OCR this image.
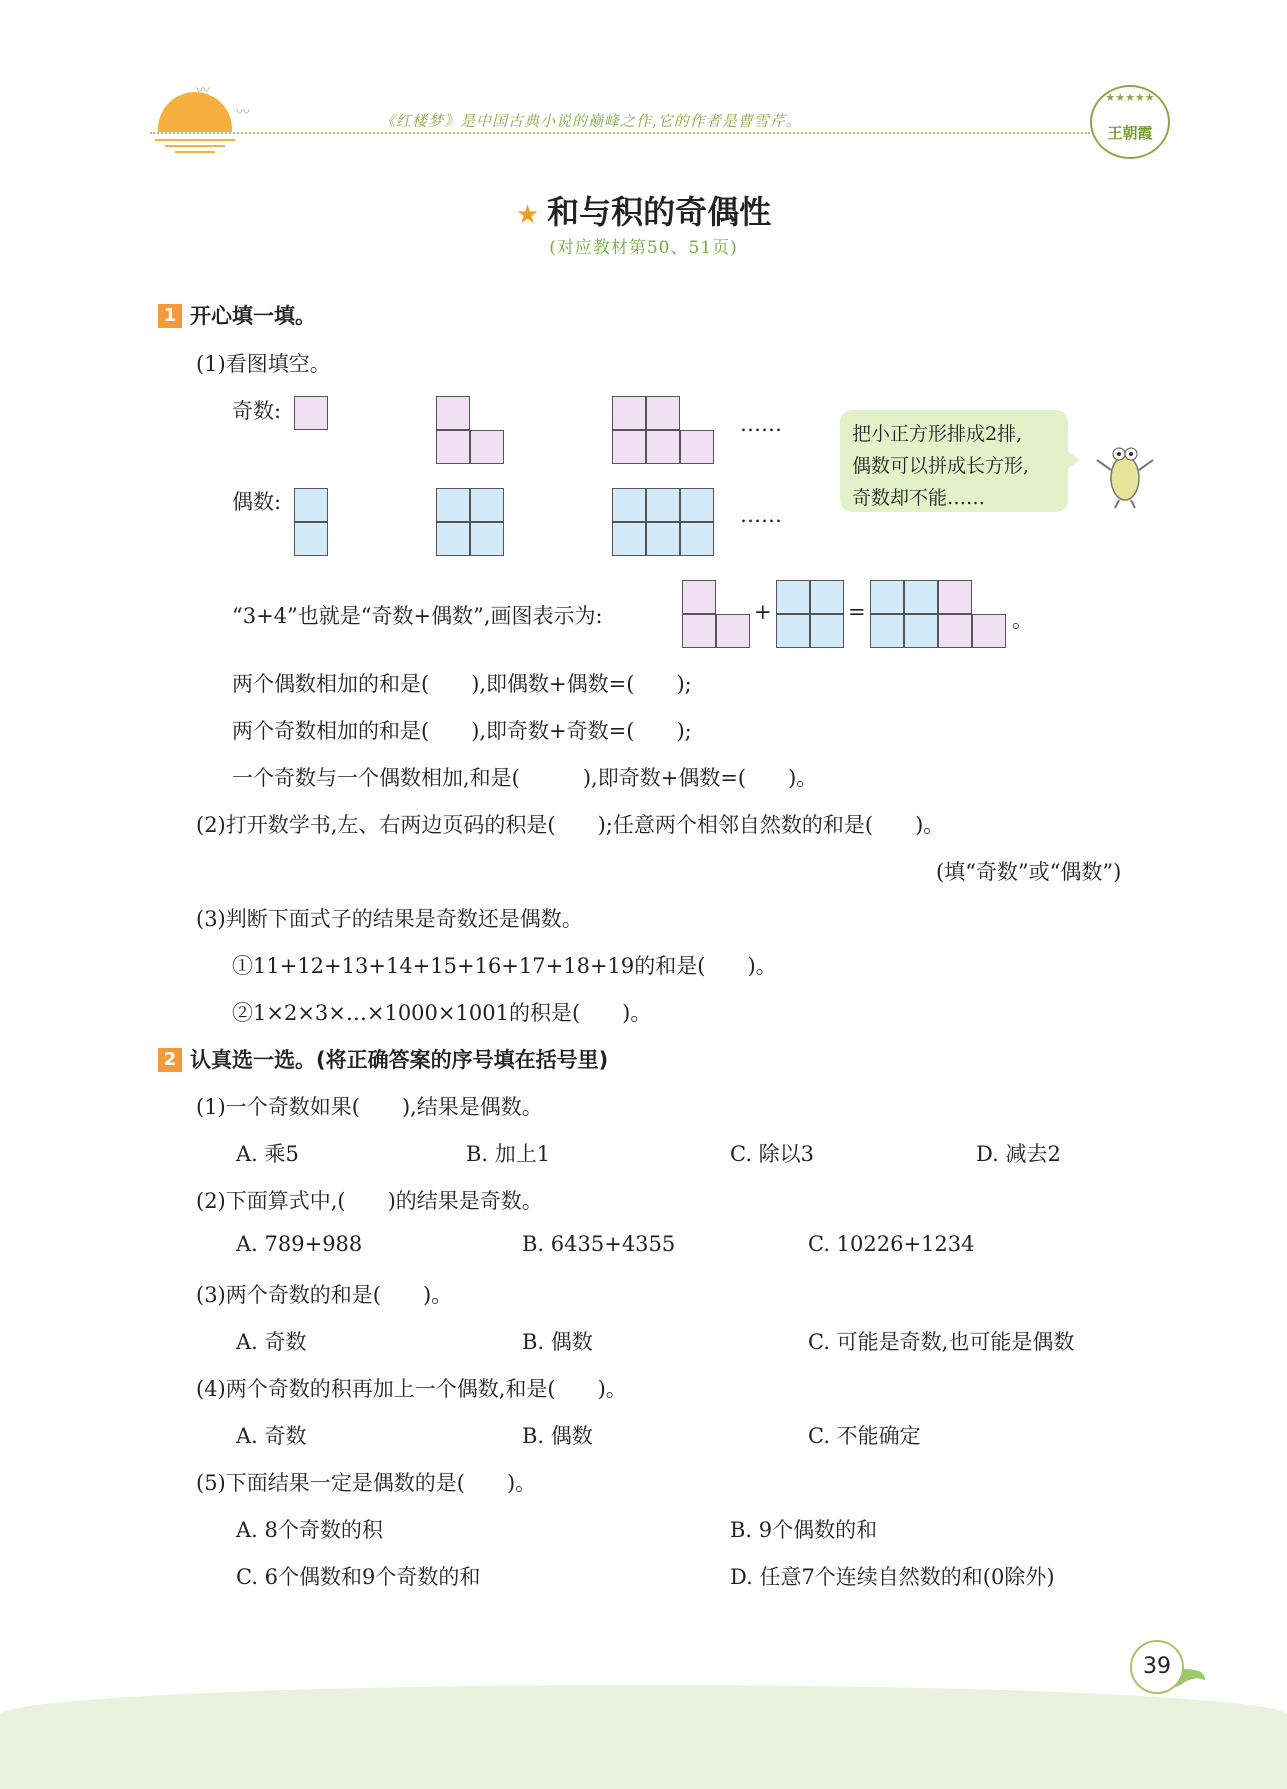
〰
〰	《红楼梦》是中国古典小说的巅峰之作,它的作者是曹雪芹。
★★★★★
王朝霞
★ 和与积的奇偶性
(对应教材第50、51页)
1 开心填一填。
(1)看图填空。
奇数:
偶数:
……
……
把小正方形排成2排,
偶数可以拼成长方形,
奇数却不能……
“3+4”也就是“奇数+偶数”,画图表示为:	+	=	。
两个偶数相加的和是(　　),即偶数+偶数=(　　);
两个奇数相加的和是(　　),即奇数+奇数=(　　);
一个奇数与一个偶数相加,和是(　　　),即奇数+偶数=(　　)。
(2)打开数学书,左、右两边页码的积是(　　);任意两个相邻自然数的和是(　　)。
(填“奇数”或“偶数”)
(3)判断下面式子的结果是奇数还是偶数。
①11+12+13+14+15+16+17+18+19的和是(　　)。
②1×2×3×…×1000×1001的积是(　　)。
2 认真选一选。(将正确答案的序号填在括号里)
(1)一个奇数如果(　　),结果是偶数。
A. 乘5	B. 加上1	C. 除以3	D. 减去2
(2)下面算式中,(　　)的结果是奇数。
A. 789+988	B. 6435+4355	C. 10226+1234
(3)两个奇数的和是(　　)。
A. 奇数	B. 偶数	C. 可能是奇数,也可能是偶数
(4)两个奇数的积再加上一个偶数,和是(　　)。
A. 奇数	B. 偶数	C. 不能确定
(5)下面结果一定是偶数的是(　　)。
A. 8个奇数的积	B. 9个偶数的和
C. 6个偶数和9个奇数的和	D. 任意7个连续自然数的和(0除外)
39
